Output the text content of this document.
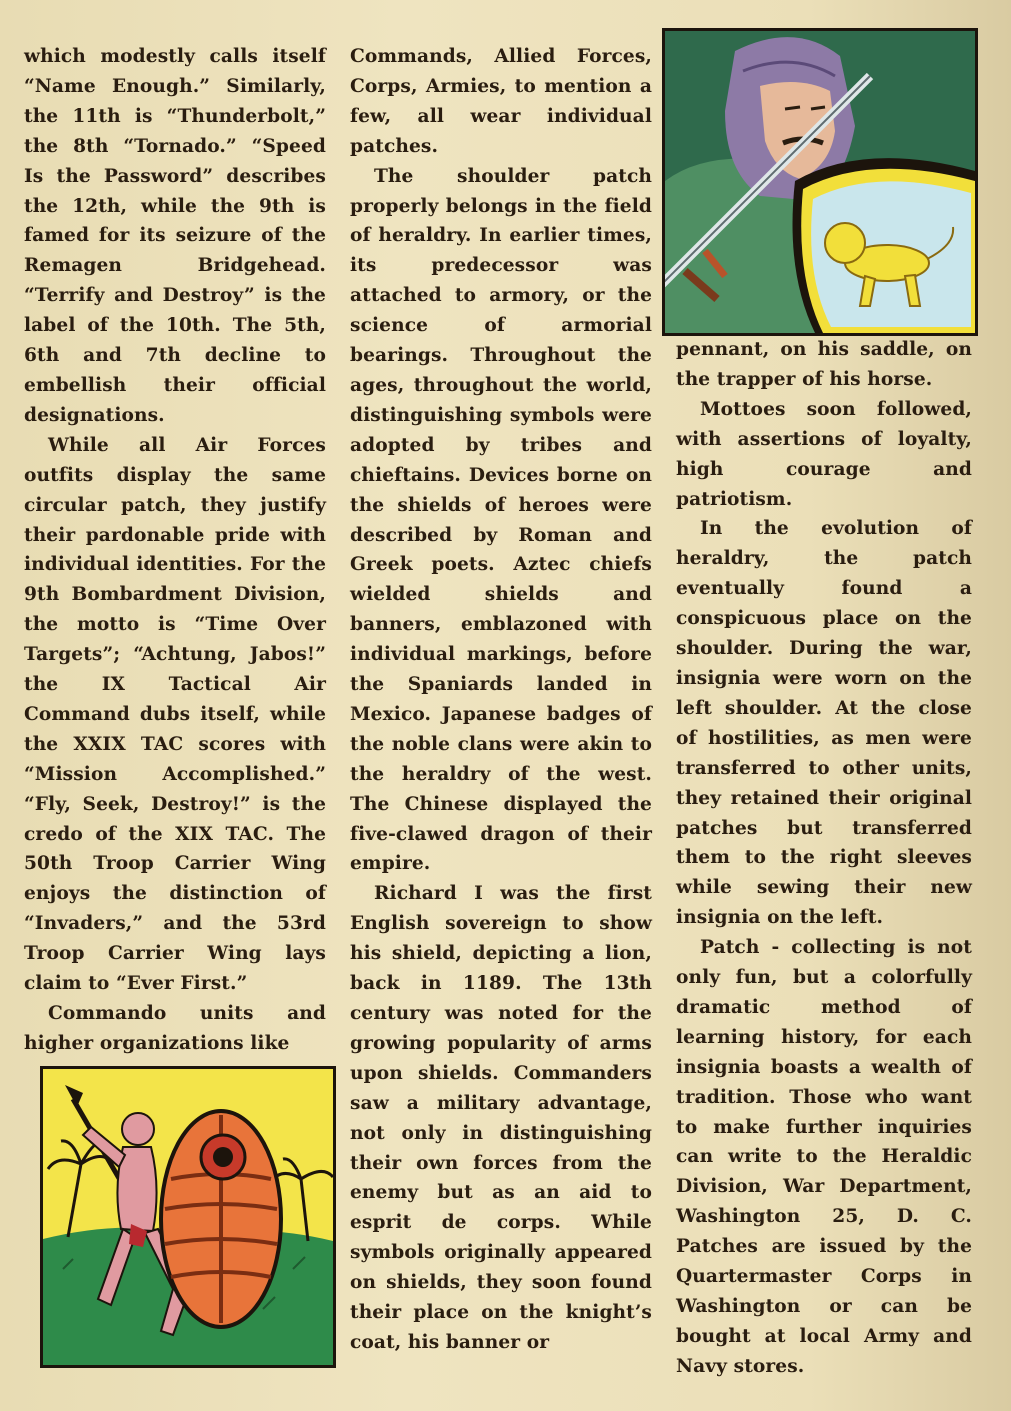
which modestly calls itself “Name Enough.” Similarly, the 11th is “Thunderbolt,” the 8th “Tornado.” “Speed Is the Password” describes the 12th, while the 9th is famed for its seizure of the Remagen Bridgehead. “Terrify and Destroy” is the label of the 10th. The 5th, 6th and 7th decline to embellish their official designations.

While all Air Forces outfits display the same circular patch, they justify their pardonable pride with individual identities. For the 9th Bombardment Division, the motto is “Time Over Targets”; “Achtung, Jabos!” the IX Tactical Air Command dubs itself, while the XXIX TAC scores with “Mission Accomplished.” “Fly, Seek, Destroy!” is the credo of the XIX TAC. The 50th Troop Carrier Wing enjoys the distinction of “Invaders,” and the 53rd Troop Carrier Wing lays claim to “Ever First.”

Commando units and higher organizations like

Commands, Allied Forces, Corps, Armies, to mention a few, all wear individual patches.

The shoulder patch properly belongs in the field of heraldry. In earlier times, its predecessor was attached to armory, or the science of armorial bearings. Throughout the ages, throughout the world, distinguishing symbols were adopted by tribes and chieftains. Devices borne on the shields of heroes were described by Roman and Greek poets. Aztec chiefs wielded shields and banners, emblazoned with individual markings, before the Spaniards landed in Mexico. Japanese badges of the noble clans were akin to the heraldry of the west. The Chinese displayed the five-clawed dragon of their empire.

Richard I was the first English sovereign to show his shield, depicting a lion, back in 1189. The 13th century was noted for the growing popularity of arms upon shields. Commanders saw a military advantage, not only in distinguishing their own forces from the enemy but as an aid to esprit de corps. While symbols originally appeared on shields, they soon found their place on the knight’s coat, his banner or

pennant, on his saddle, on the trapper of his horse.

Mottoes soon followed, with assertions of loyalty, high courage and patriotism.

In the evolution of heraldry, the patch eventually found a conspicuous place on the shoulder. During the war, insignia were worn on the left shoulder. At the close of hostilities, as men were transferred to other units, they retained their original patches but transferred them to the right sleeves while sewing their new insignia on the left.

Patch - collecting is not only fun, but a colorfully dramatic method of learning history, for each insignia boasts a wealth of tradition. Those who want to make further inquiries can write to the Heraldic Division, War Department, Washington 25, D. C. Patches are issued by the Quartermaster Corps in Washington or can be bought at local Army and Navy stores.
